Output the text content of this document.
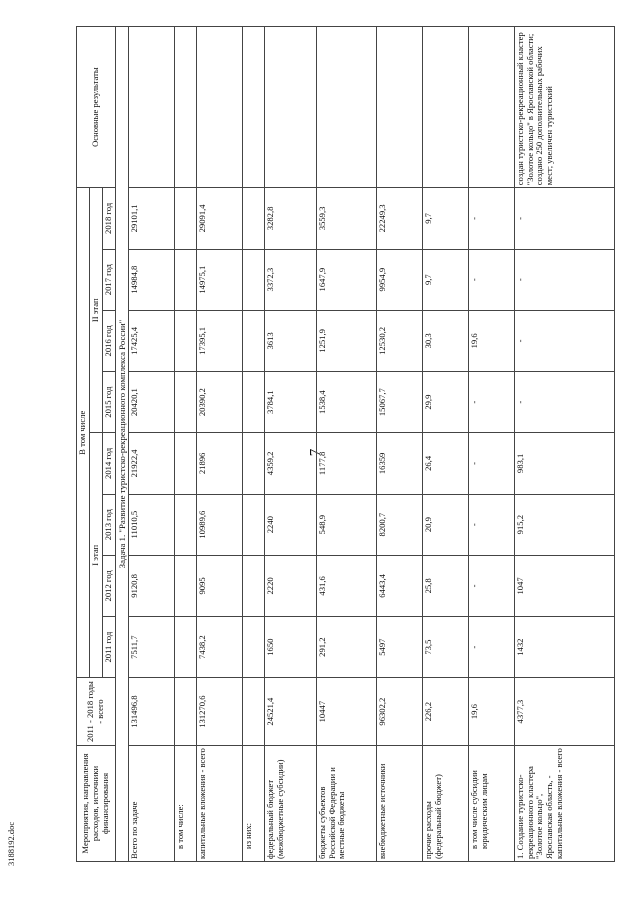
7
3188192.doc	Мероприятия, направления расходов, источники финансирования	2011 - 2018 годы - всего	В том числе								Основные результаты
		I этап				II этап				
		2011 год	2012 год	2013 год	2014 год	2015 год	2016 год	2017 год	2018 год	
Задача 1. "Развитие туристско-рекреационного комплекса России"										
Всего по задаче	131496,8	7511,7	9120,8	11010,5	21922,4	20420,1	17425,4	14984,8	29101,1	
в том числе:										
капитальные вложения - всего	131270,6	7438,2	9095	10989,6	21896	20390,2	17395,1	14975,1	29091,4	
из них:										
федеральный бюджет (межбюджетные субсидии)	24521,4	1650	2220	2240	4359,2	3784,1	3613	3372,3	3282,8	
бюджеты субъектов Российской Федерации и местные бюджеты	10447	291,2	431,6	548,9	1177,8	1538,4	1251,9	1647,9	3559,3	
внебюджетные источники	96302,2	5497	6443,4	8200,7	16359	15067,7	12530,2	9954,9	22249,3	
прочие расходы (федеральный бюджет)	226,2	73,5	25,8	20,9	26,4	29,9	30,3	9,7	9,7	
в том числе субсидии юридическим лицам	19,6	-	-	-	-	-	19,6	-	-	
1. Создание туристско-рекреационного кластера "Золотое кольцо", Ярославская область, - капитальные вложения - всего	4377,3	1432	1047	915,2	983,1	-	-	-	-	создан туристско-рекреационный кластер "Золотое кольцо" в Ярославской области; создано 250 дополнительных рабочих мест; увеличен туристский
